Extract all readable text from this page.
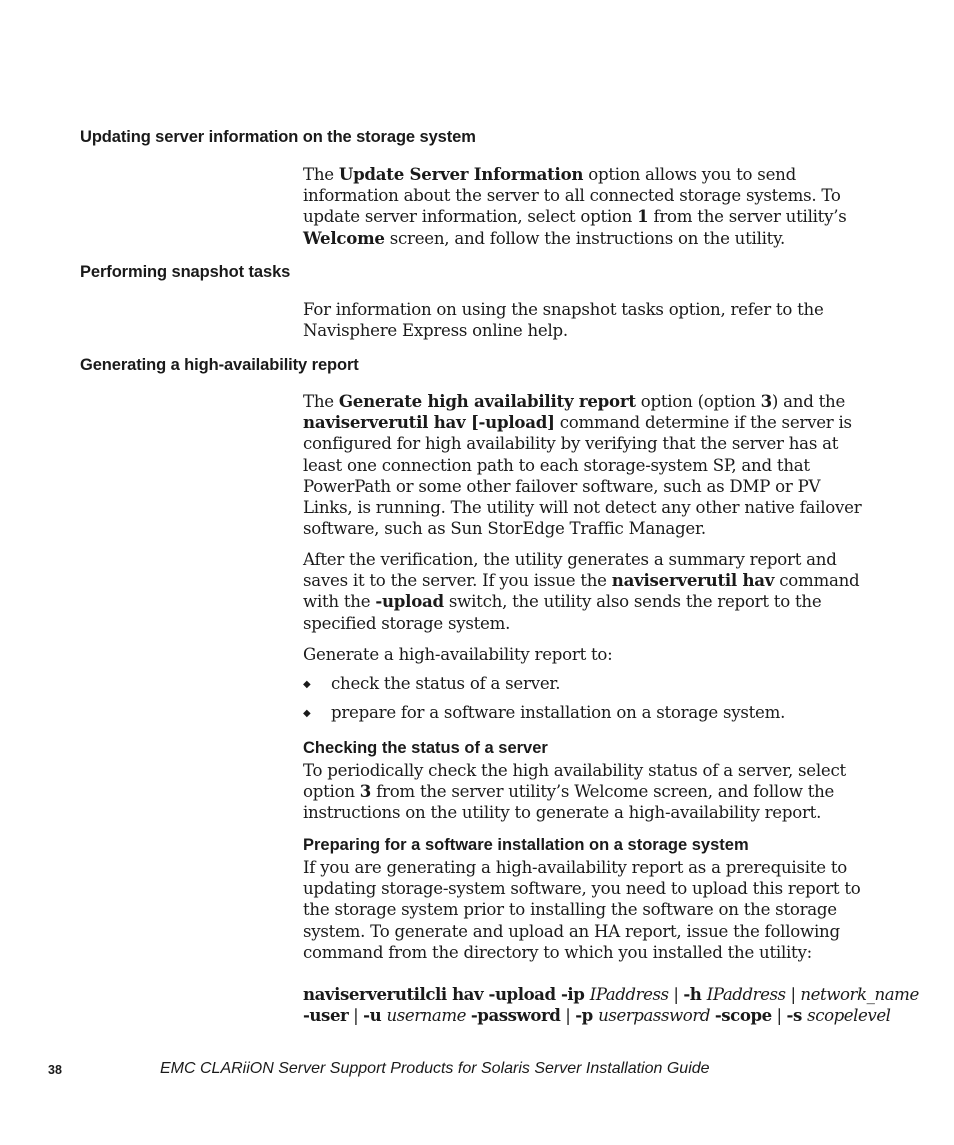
Updating server information on the storage system

The Update Server Information option allows you to send information about the server to all connected storage systems. To update server information, select option 1 from the server utility’s Welcome screen, and follow the instructions on the utility.

Performing snapshot tasks

For information on using the snapshot tasks option, refer to the Navisphere Express online help.

Generating a high-availability report

The Generate high availability report option (option 3) and the naviserverutil hav [-upload] command determine if the server is configured for high availability by verifying that the server has at least one connection path to each storage-system SP, and that PowerPath or some other failover software, such as DMP or PV Links, is running. The utility will not detect any other native failover software, such as Sun StorEdge Traffic Manager.

After the verification, the utility generates a summary report and saves it to the server. If you issue the naviserverutil hav command with the -upload switch, the utility also sends the report to the specified storage system.

Generate a high-availability report to:

◆ check the status of a server.
◆ prepare for a software installation on a storage system.
Checking the status of a server

To periodically check the high availability status of a server, select option 3 from the server utility’s Welcome screen, and follow the instructions on the utility to generate a high-availability report.

Preparing for a software installation on a storage system

If you are generating a high-availability report as a prerequisite to updating storage-system software, you need to upload this report to the storage system prior to installing the software on the storage system. To generate and upload an HA report, issue the following command from the directory to which you installed the utility:

naviserverutilcli hav -upload -ip IPaddress | -h IPaddress | network_name
-user | -u username -password | -p userpassword -scope | -s scopelevel
38	EMC CLARiiON Server Support Products for Solaris Server Installation Guide
